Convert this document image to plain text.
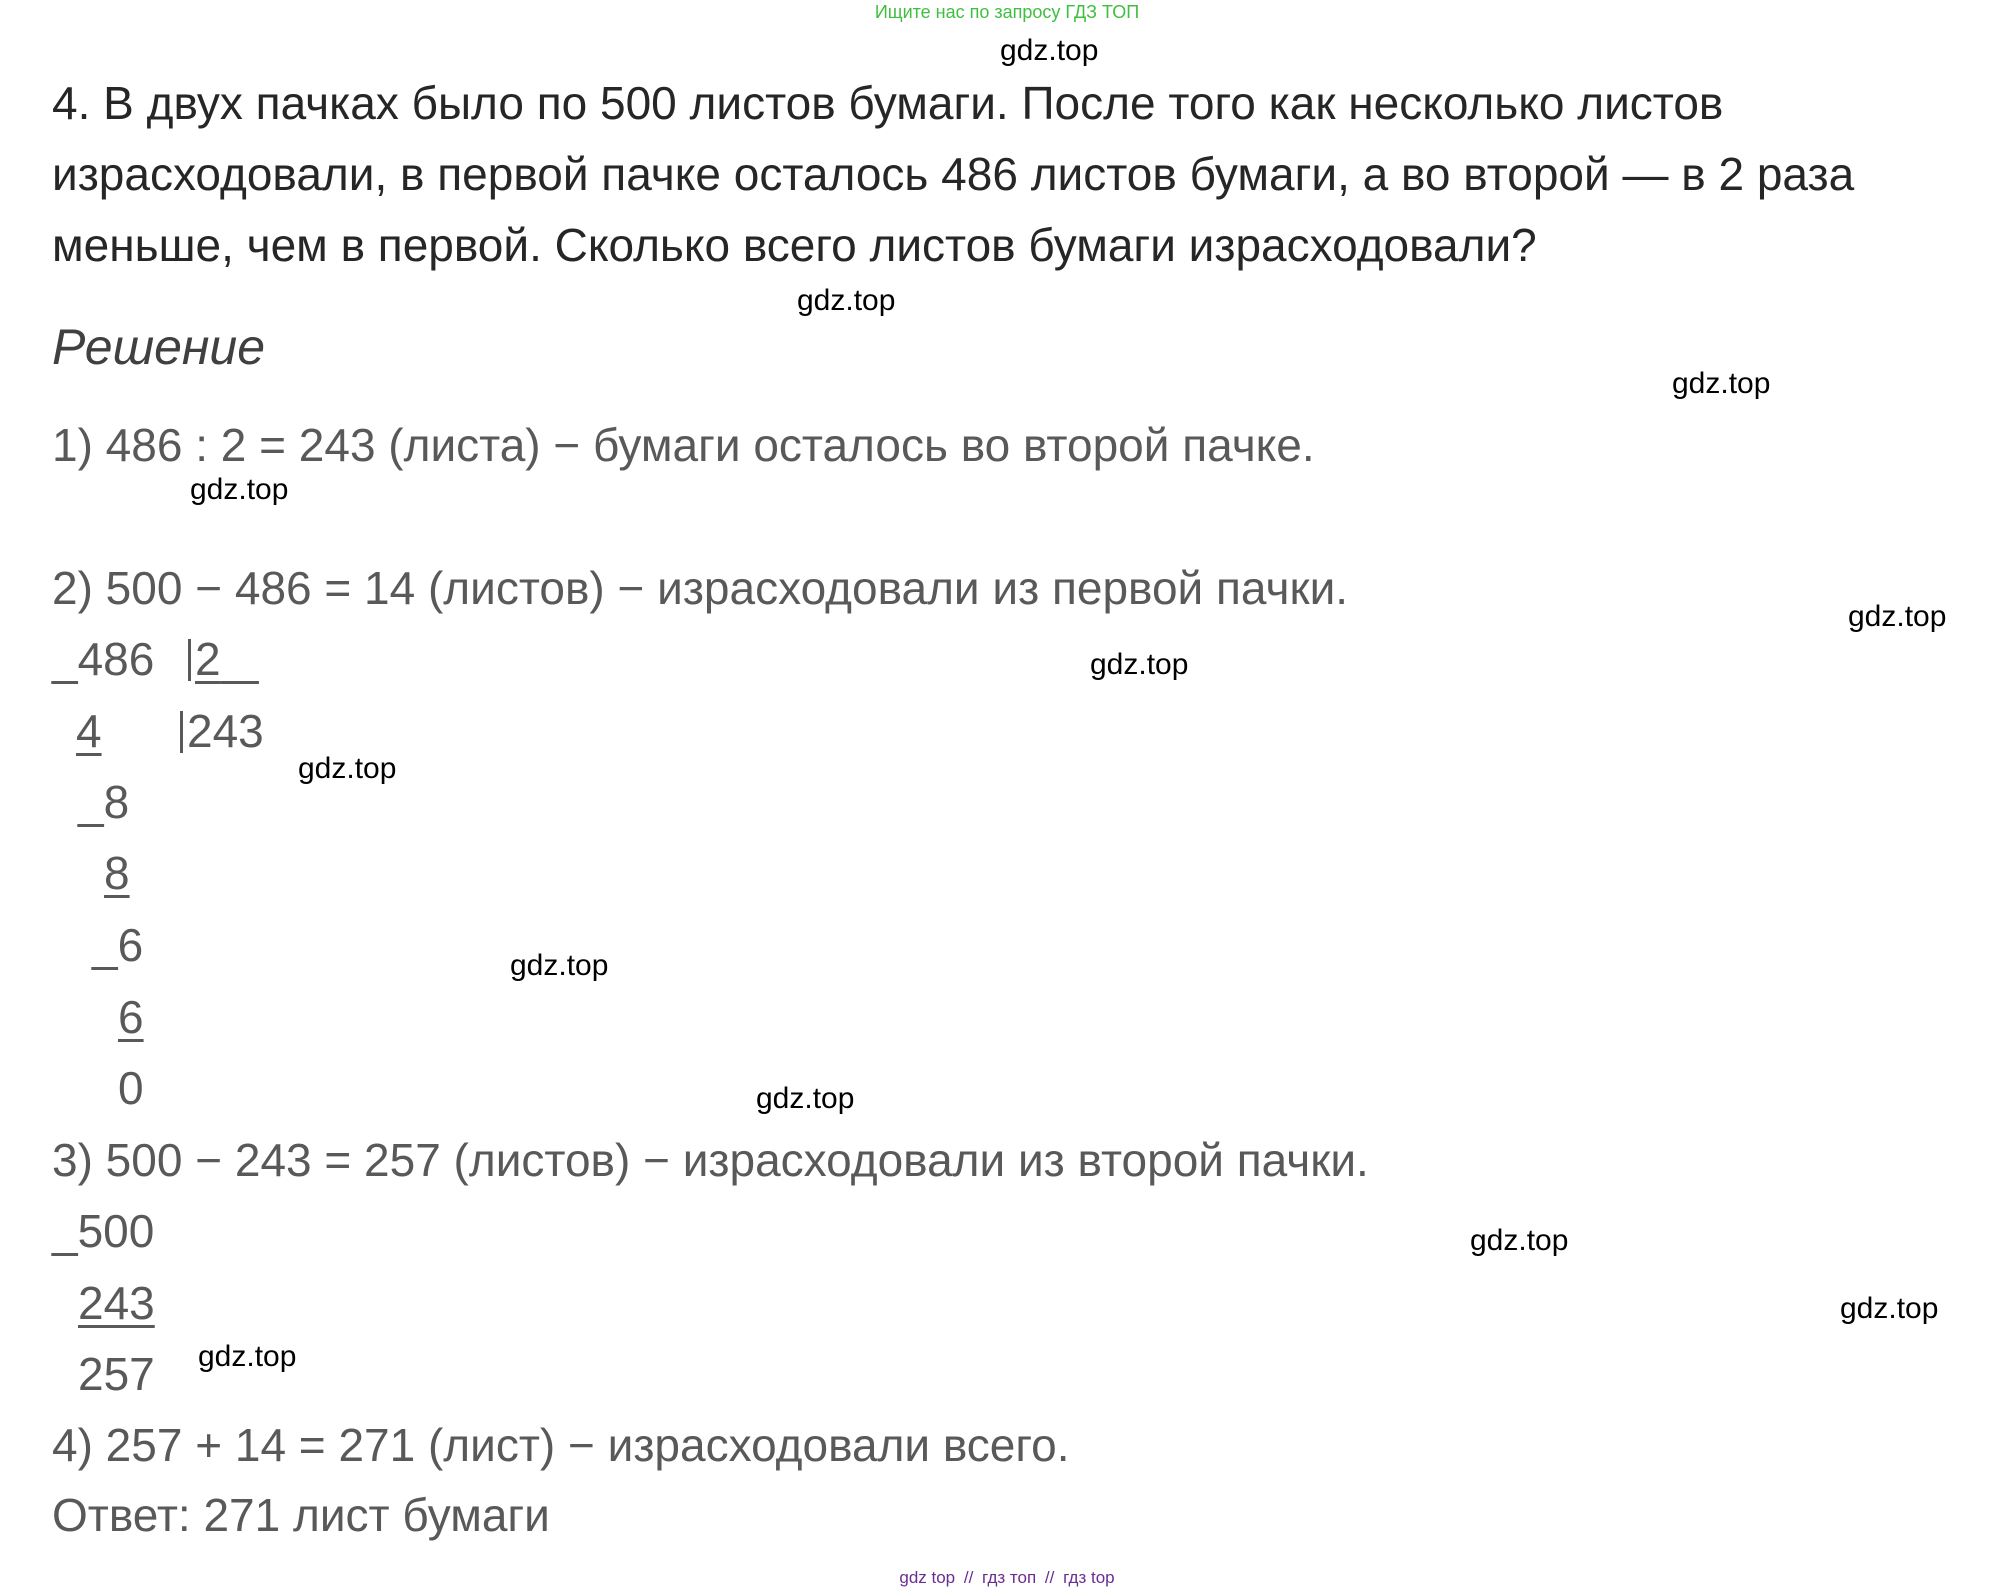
Ищите нас по запросу ГДЗ ТОП
gdz.top
gdz.top
gdz.top
gdz.top
gdz.top
gdz.top
gdz.top
gdz.top
gdz.top
gdz.top
gdz.top
gdz.top
4. В двух пачках было по 500 листов бумаги. После того как несколько листов израсходовали, в первой пачке осталось 486 листов бумаги, а во второй — в 2 раза меньше, чем в первой. Сколько всего листов бумаги израсходовали?
Решение
1) 486 : 2 = 243 (листа) − бумаги осталось во второй пачке.
2) 500 − 486 = 14 (листов) − израсходовали из первой пачки.
_486 2
4 243
_8
8
_6
6
0
3) 500 − 243 = 257 (листов) − израсходовали из второй пачки.
_500
243
257
4) 257 + 14 = 271 (лист) − израсходовали всего.
Ответ: 271 лист бумаги
gdz top // гдз топ // гдз top
